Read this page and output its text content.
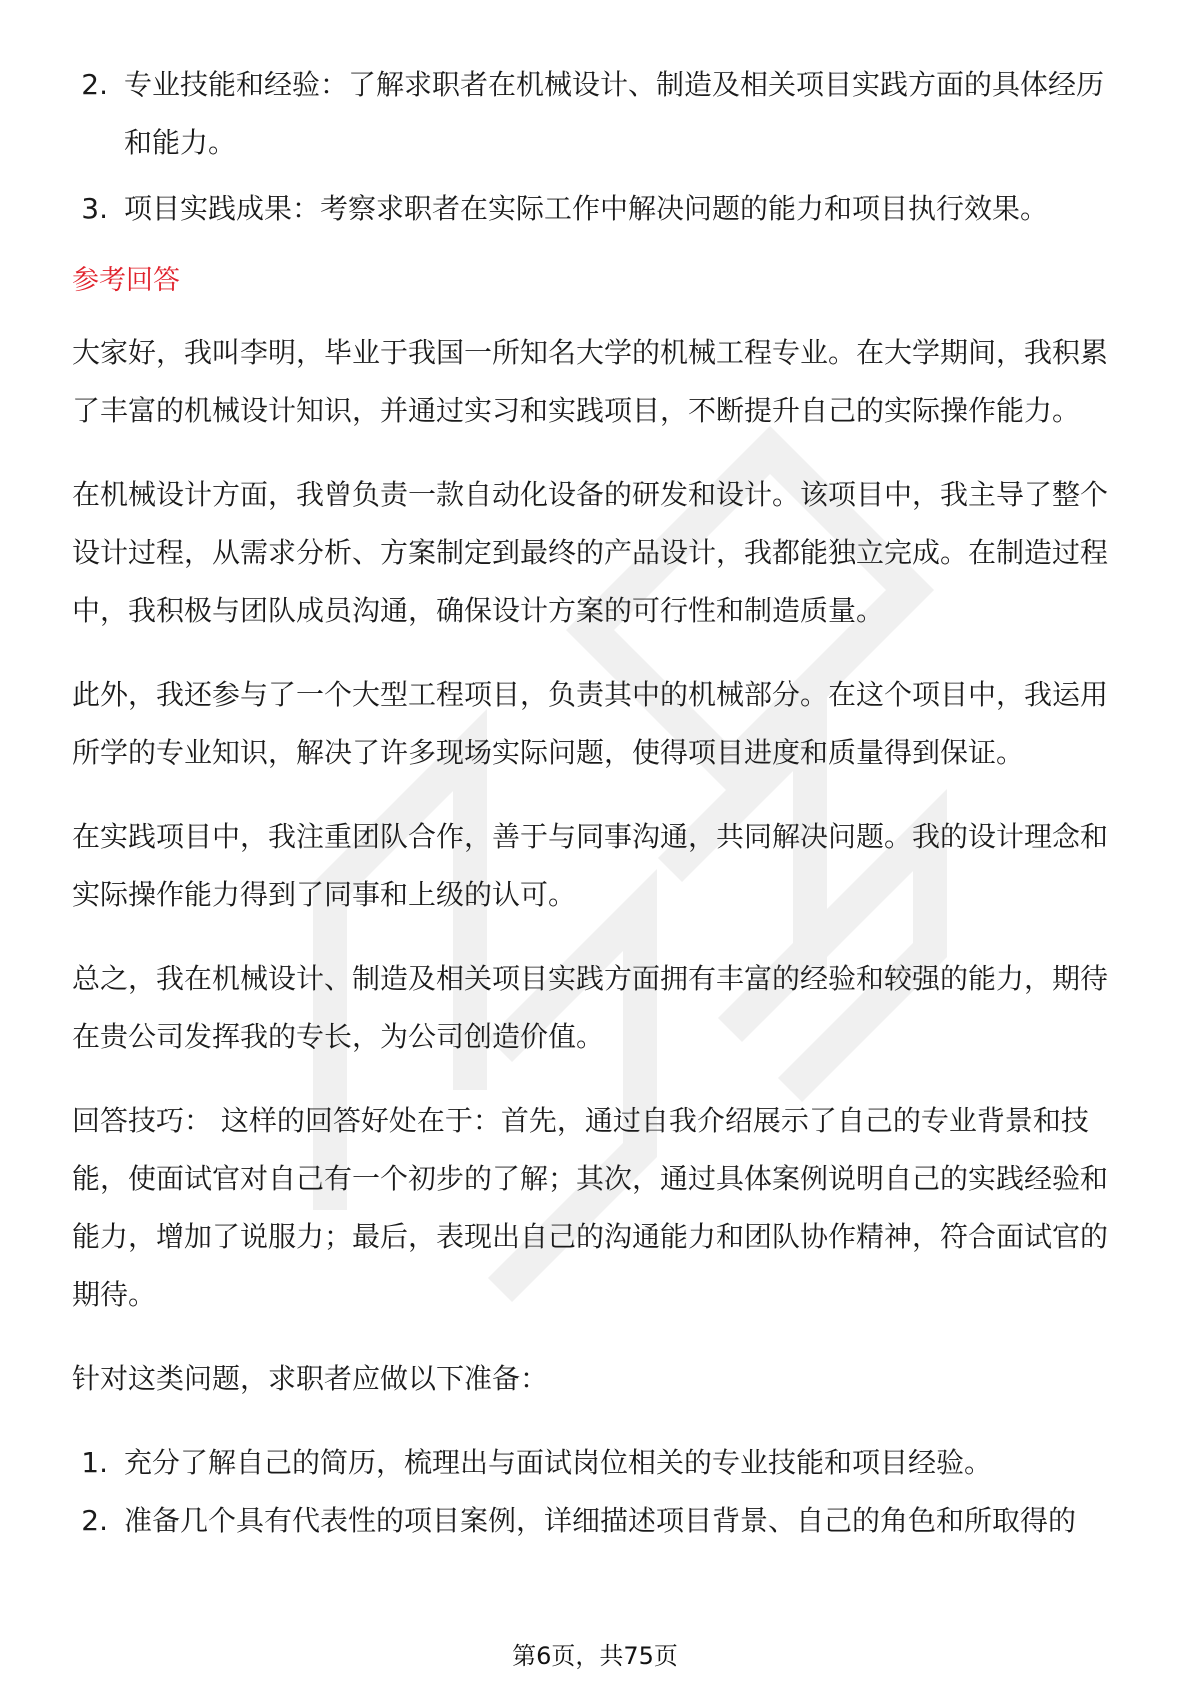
2. 专业技能和经验：了解求职者在机械设计、制造及相关项目实践方面的具体经历和能力。
3. 项目实践成果：考察求职者在实际工作中解决问题的能力和项目执行效果。
参考回答

大家好，我叫李明，毕业于我国一所知名大学的机械工程专业。在大学期间，我积累了丰富的机械设计知识，并通过实习和实践项目，不断提升自己的实际操作能力。

在机械设计方面，我曾负责一款自动化设备的研发和设计。该项目中，我主导了整个设计过程，从需求分析、方案制定到最终的产品设计，我都能独立完成。在制造过程中，我积极与团队成员沟通，确保设计方案的可行性和制造质量。

此外，我还参与了一个大型工程项目，负责其中的机械部分。在这个项目中，我运用所学的专业知识，解决了许多现场实际问题，使得项目进度和质量得到保证。

在实践项目中，我注重团队合作，善于与同事沟通，共同解决问题。我的设计理念和实际操作能力得到了同事和上级的认可。

总之，我在机械设计、制造及相关项目实践方面拥有丰富的经验和较强的能力，期待在贵公司发挥我的专长，为公司创造价值。

回答技巧： 这样的回答好处在于：首先，通过自我介绍展示了自己的专业背景和技能，使面试官对自己有一个初步的了解；其次，通过具体案例说明自己的实践经验和能力，增加了说服力；最后，表现出自己的沟通能力和团队协作精神，符合面试官的期待。

针对这类问题，求职者应做以下准备：

1. 充分了解自己的简历，梳理出与面试岗位相关的专业技能和项目经验。
2. 准备几个具有代表性的项目案例，详细描述项目背景、自己的角色和所取得的
第6页，共75页
